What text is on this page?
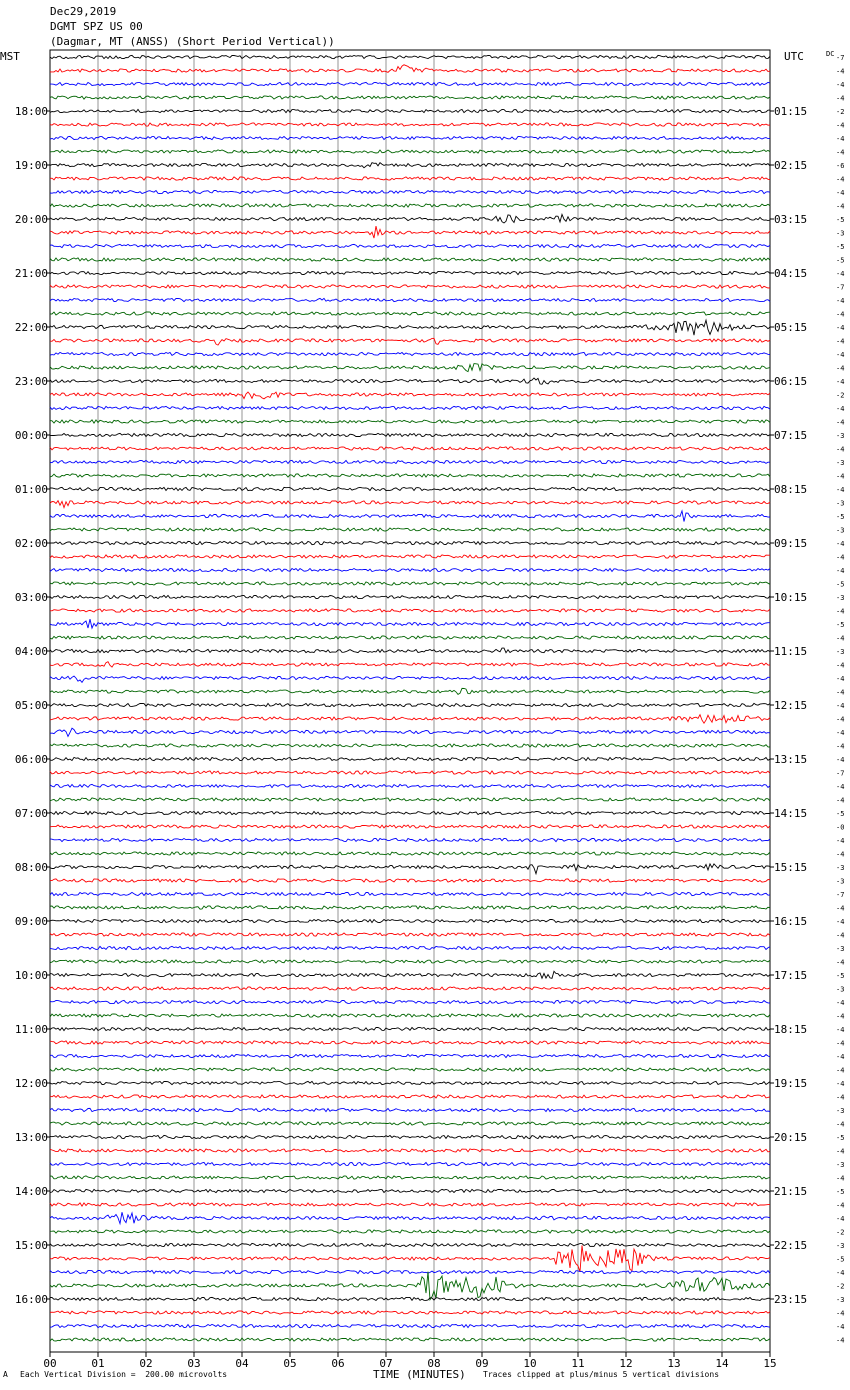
Dec29,2019
DGMT SPZ US 00
(Dagmar, MT (ANSS) (Short Period Vertical))
MST	UTC	DC
00	01	02	03	04	05	06	07	08	09	10	11	12	13	14	15
-7
-4
-4
-4
-2
-4
-4
-4
-6
-4
-4
-4
-5
-3
-5
-5
-4
-7
-4
-4
-4
-4
-4
-4
-4
-2
-4
-4
-3
-4
-3
-4
-4
-3
-5
-3
-4
-4
-4
-5
-3
-4
-5
-4
-3
-4
-4
-4
-4
-4
-4
-4
-4
-7
-4
-4
-5
-0
-4
-4
-3
-3
-7
-4
-4
-4
-3
-4
-5
-3
-4
-4
-4
-4
-4
-4
-4
-4
-3
-4
-5
-4
-3
-4
-5
-4
-4
-2
-3
-5
-4
-2
-3
-4
-4
-4
18:00
19:00
20:00
21:00
22:00
23:00
00:00
01:00
02:00
03:00
04:00
05:00
06:00
07:00
08:00
09:00
10:00
11:00
12:00
13:00
14:00
15:00
16:00
01:15
02:15
03:15
04:15
05:15
06:15
07:15
08:15
09:15
10:15
11:15
12:15
13:15
14:15
15:15
16:15
17:15
18:15
19:15
20:15
21:15
22:15
23:15
A Each Vertical Division =  200.00 microvolts	TIME (MINUTES) Traces clipped at plus/minus 5 vertical divisions
